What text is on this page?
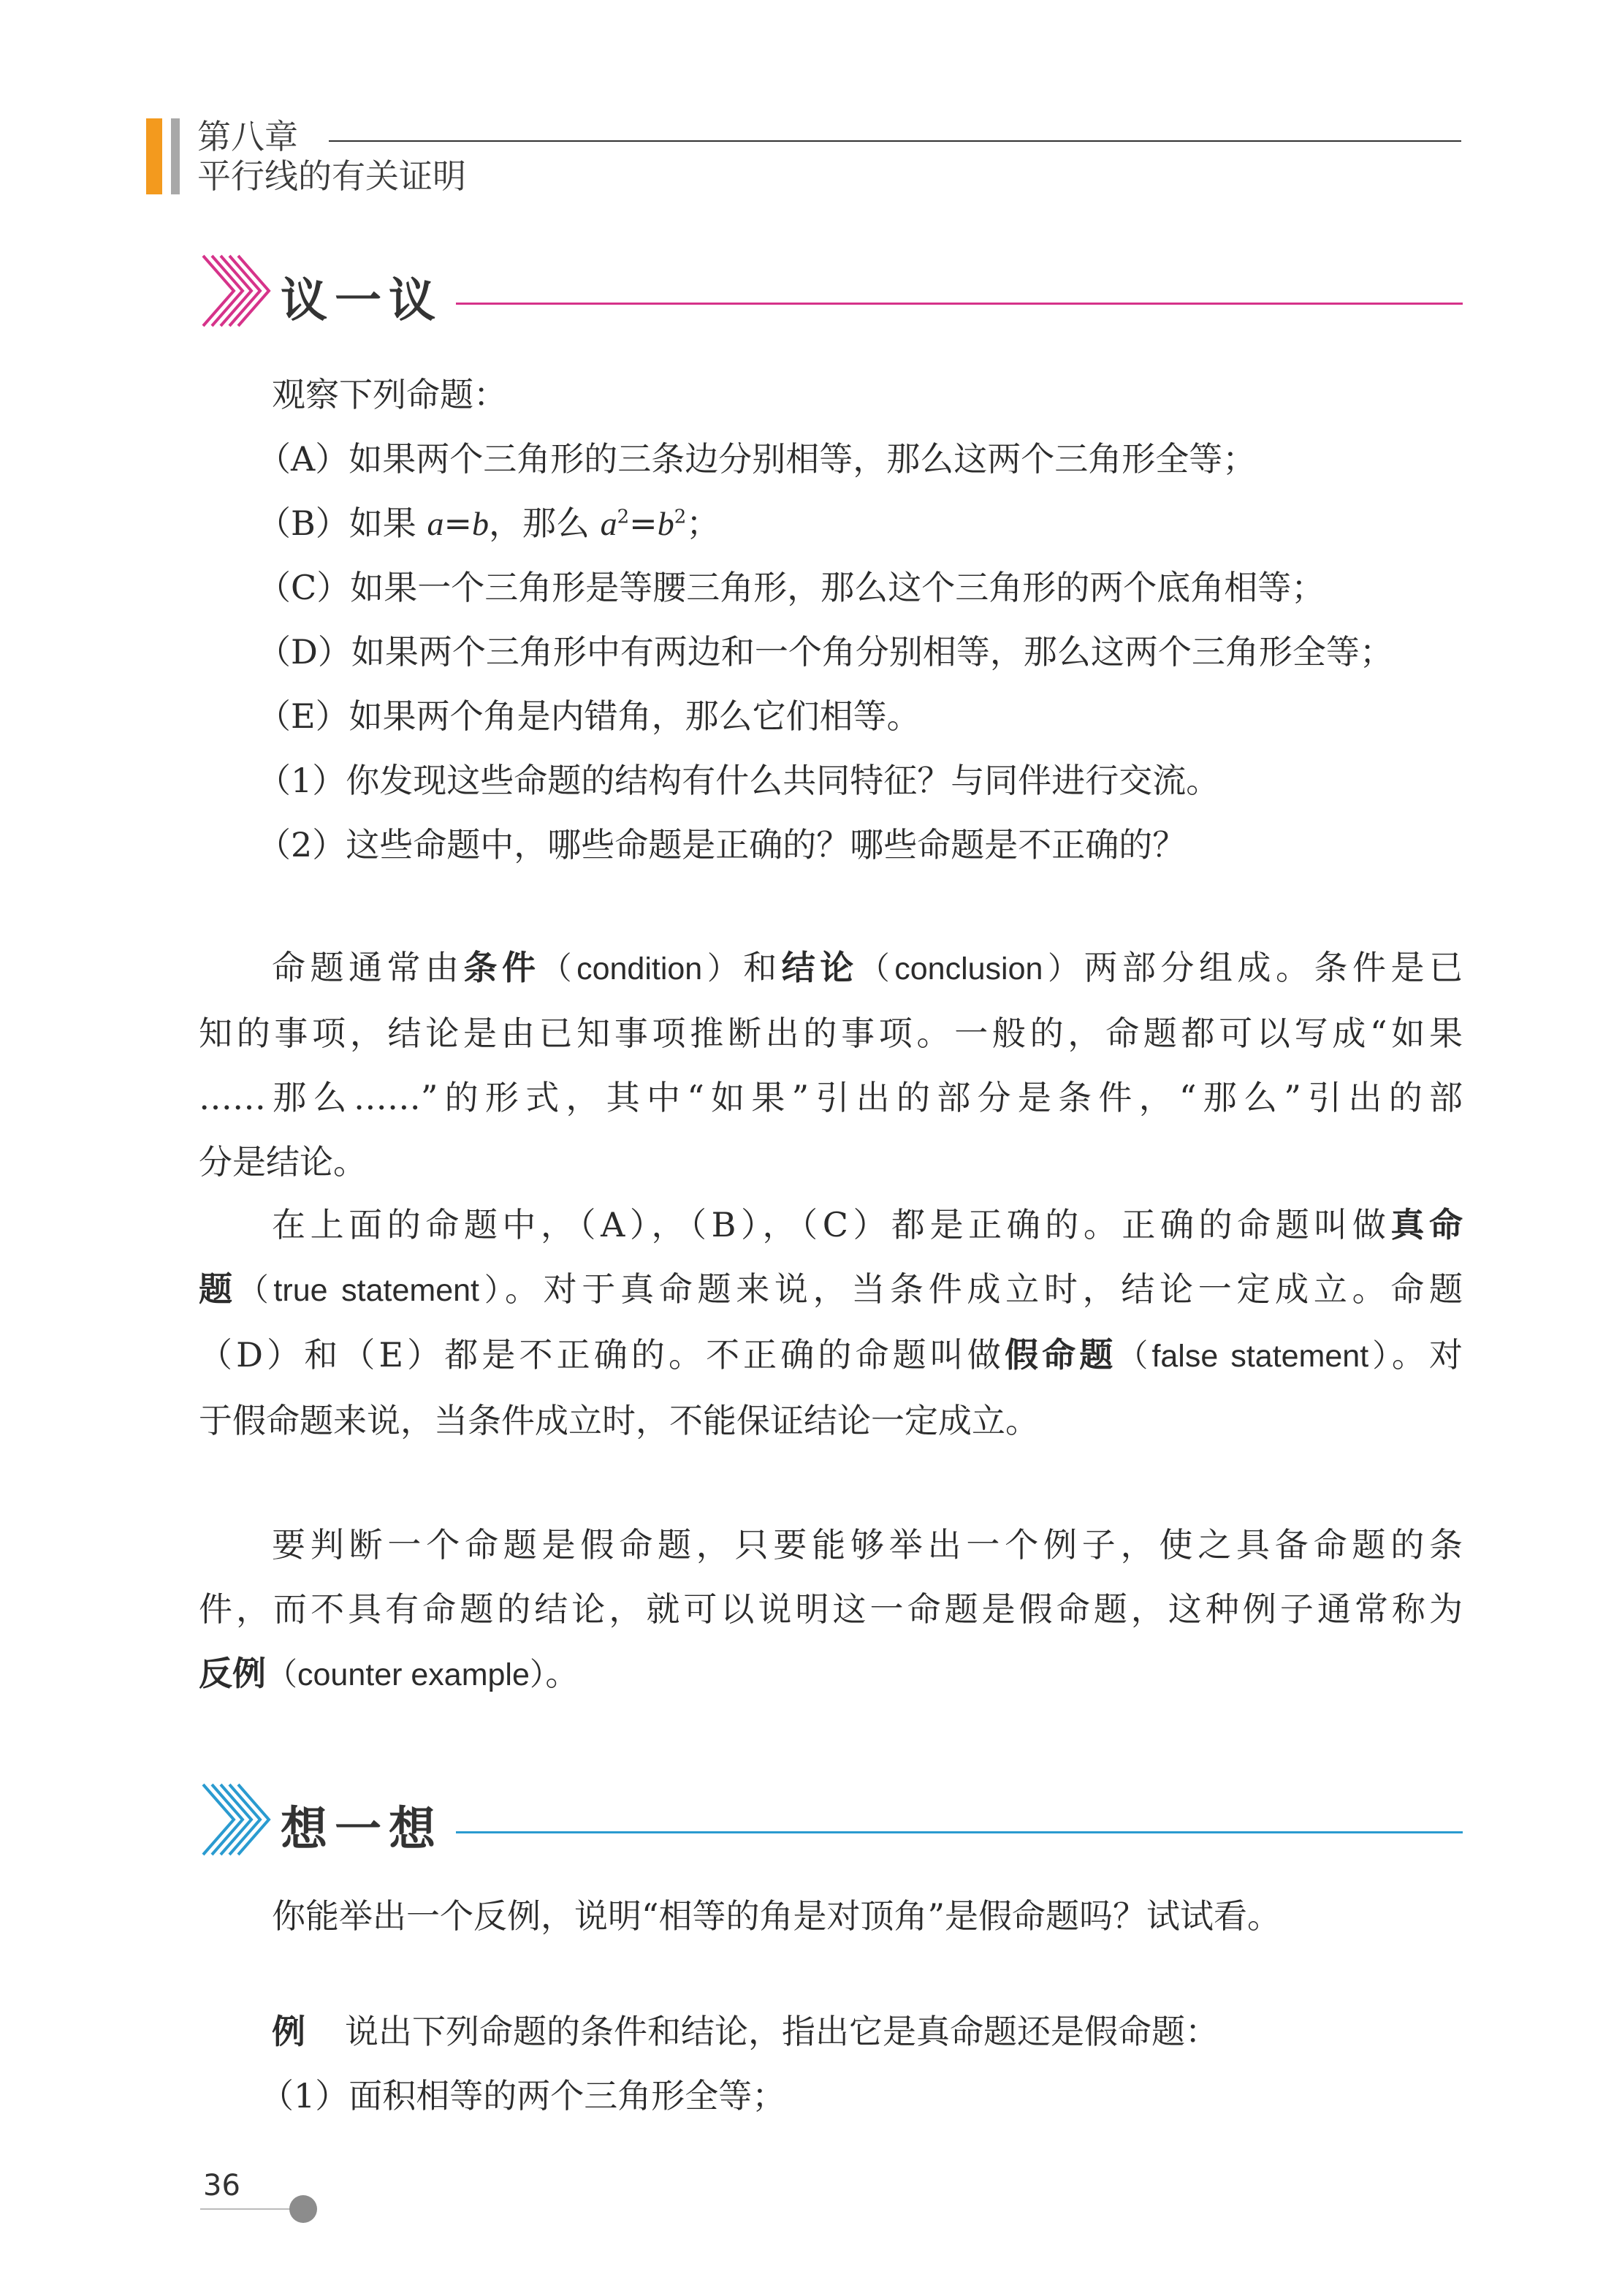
第八章
平行线的有关证明
议一议
观察下列命题：
（A）如果两个三角形的三条边分别相等，那么这两个三角形全等；
（B）如果 a=b，那么 $a^2=b^2$；
（C）如果一个三角形是等腰三角形，那么这个三角形的两个底角相等；
（D）如果两个三角形中有两边和一个角分别相等，那么这两个三角形全等；
（E）如果两个角是内错角，那么它们相等。
（1）你发现这些命题的结构有什么共同特征？与同伴进行交流。
（2）这些命题中，哪些命题是正确的？哪些命题是不正确的？
命题通常由条件（condition）和结论（conclusion）两部分组成。条件是已
知的事项，结论是由已知事项推断出的事项。一般的，命题都可以写成“如果
……那么……”的形式，其中“如果”引出的部分是条件，“那么”引出的部
分是结论。
在上面的命题中，（A），（B），（C）都是正确的。正确的命题叫做真命
题（true statement）。对于真命题来说，当条件成立时，结论一定成立。命题
（D）和（E）都是不正确的。不正确的命题叫做假命题（false statement）。对
于假命题来说，当条件成立时，不能保证结论一定成立。
要判断一个命题是假命题，只要能够举出一个例子，使之具备命题的条
件，而不具有命题的结论，就可以说明这一命题是假命题，这种例子通常称为
反例（counter example）。
想一想
你能举出一个反例，说明“相等的角是对顶角”是假命题吗？试试看。
例 说出下列命题的条件和结论，指出它是真命题还是假命题：
（1）面积相等的两个三角形全等；
36
